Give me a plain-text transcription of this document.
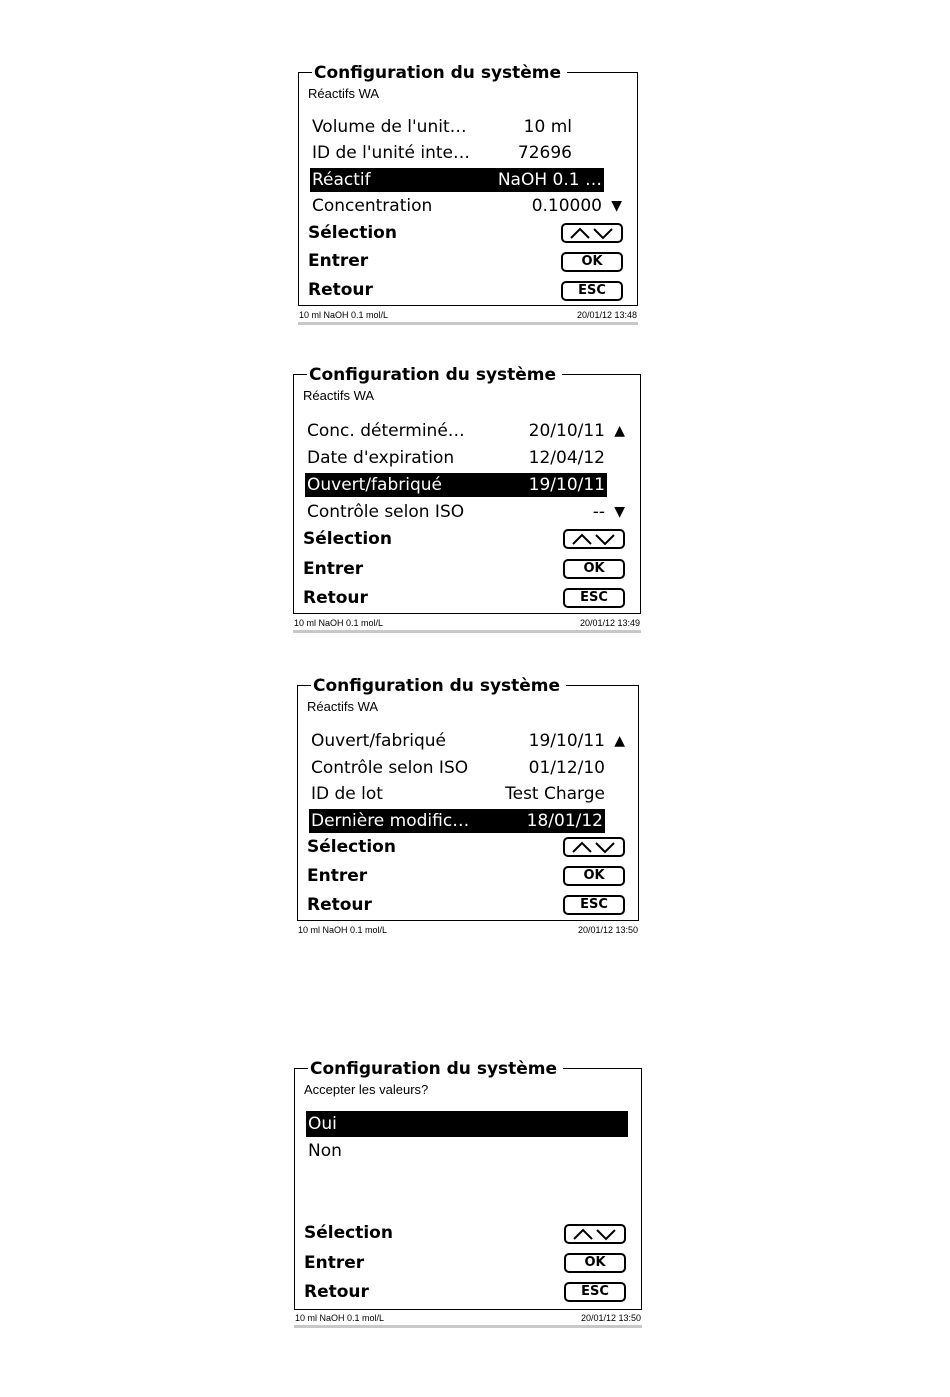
Configuration du système
Réactifs WA
Volume de l'unit…	10 ml
ID de l'unité inte…	72696
Réactif	NaOH 0.1 …
Concentration	0.10000 ▼
Sélection
Entrer	OK
Retour	ESC
10 ml NaOH 0.1 mol/L	20/01/12 13:48
Configuration du système
Réactifs WA
Conc. déterminé…	20/10/11 ▲
Date d'expiration	12/04/12
Ouvert/fabriqué	19/10/11
Contrôle selon ISO	-- ▼
Sélection
Entrer	OK
Retour	ESC
10 ml NaOH 0.1 mol/L	20/01/12 13:49
Configuration du système
Réactifs WA
Ouvert/fabriqué	19/10/11 ▲
Contrôle selon ISO	01/12/10
ID de lot	Test Charge
Dernière modific…	18/01/12
Sélection
Entrer	OK
Retour	ESC
10 ml NaOH 0.1 mol/L	20/01/12 13:50
Configuration du système
Accepter les valeurs?
Oui
Non
Sélection
Entrer	OK
Retour	ESC
10 ml NaOH 0.1 mol/L	20/01/12 13:50
